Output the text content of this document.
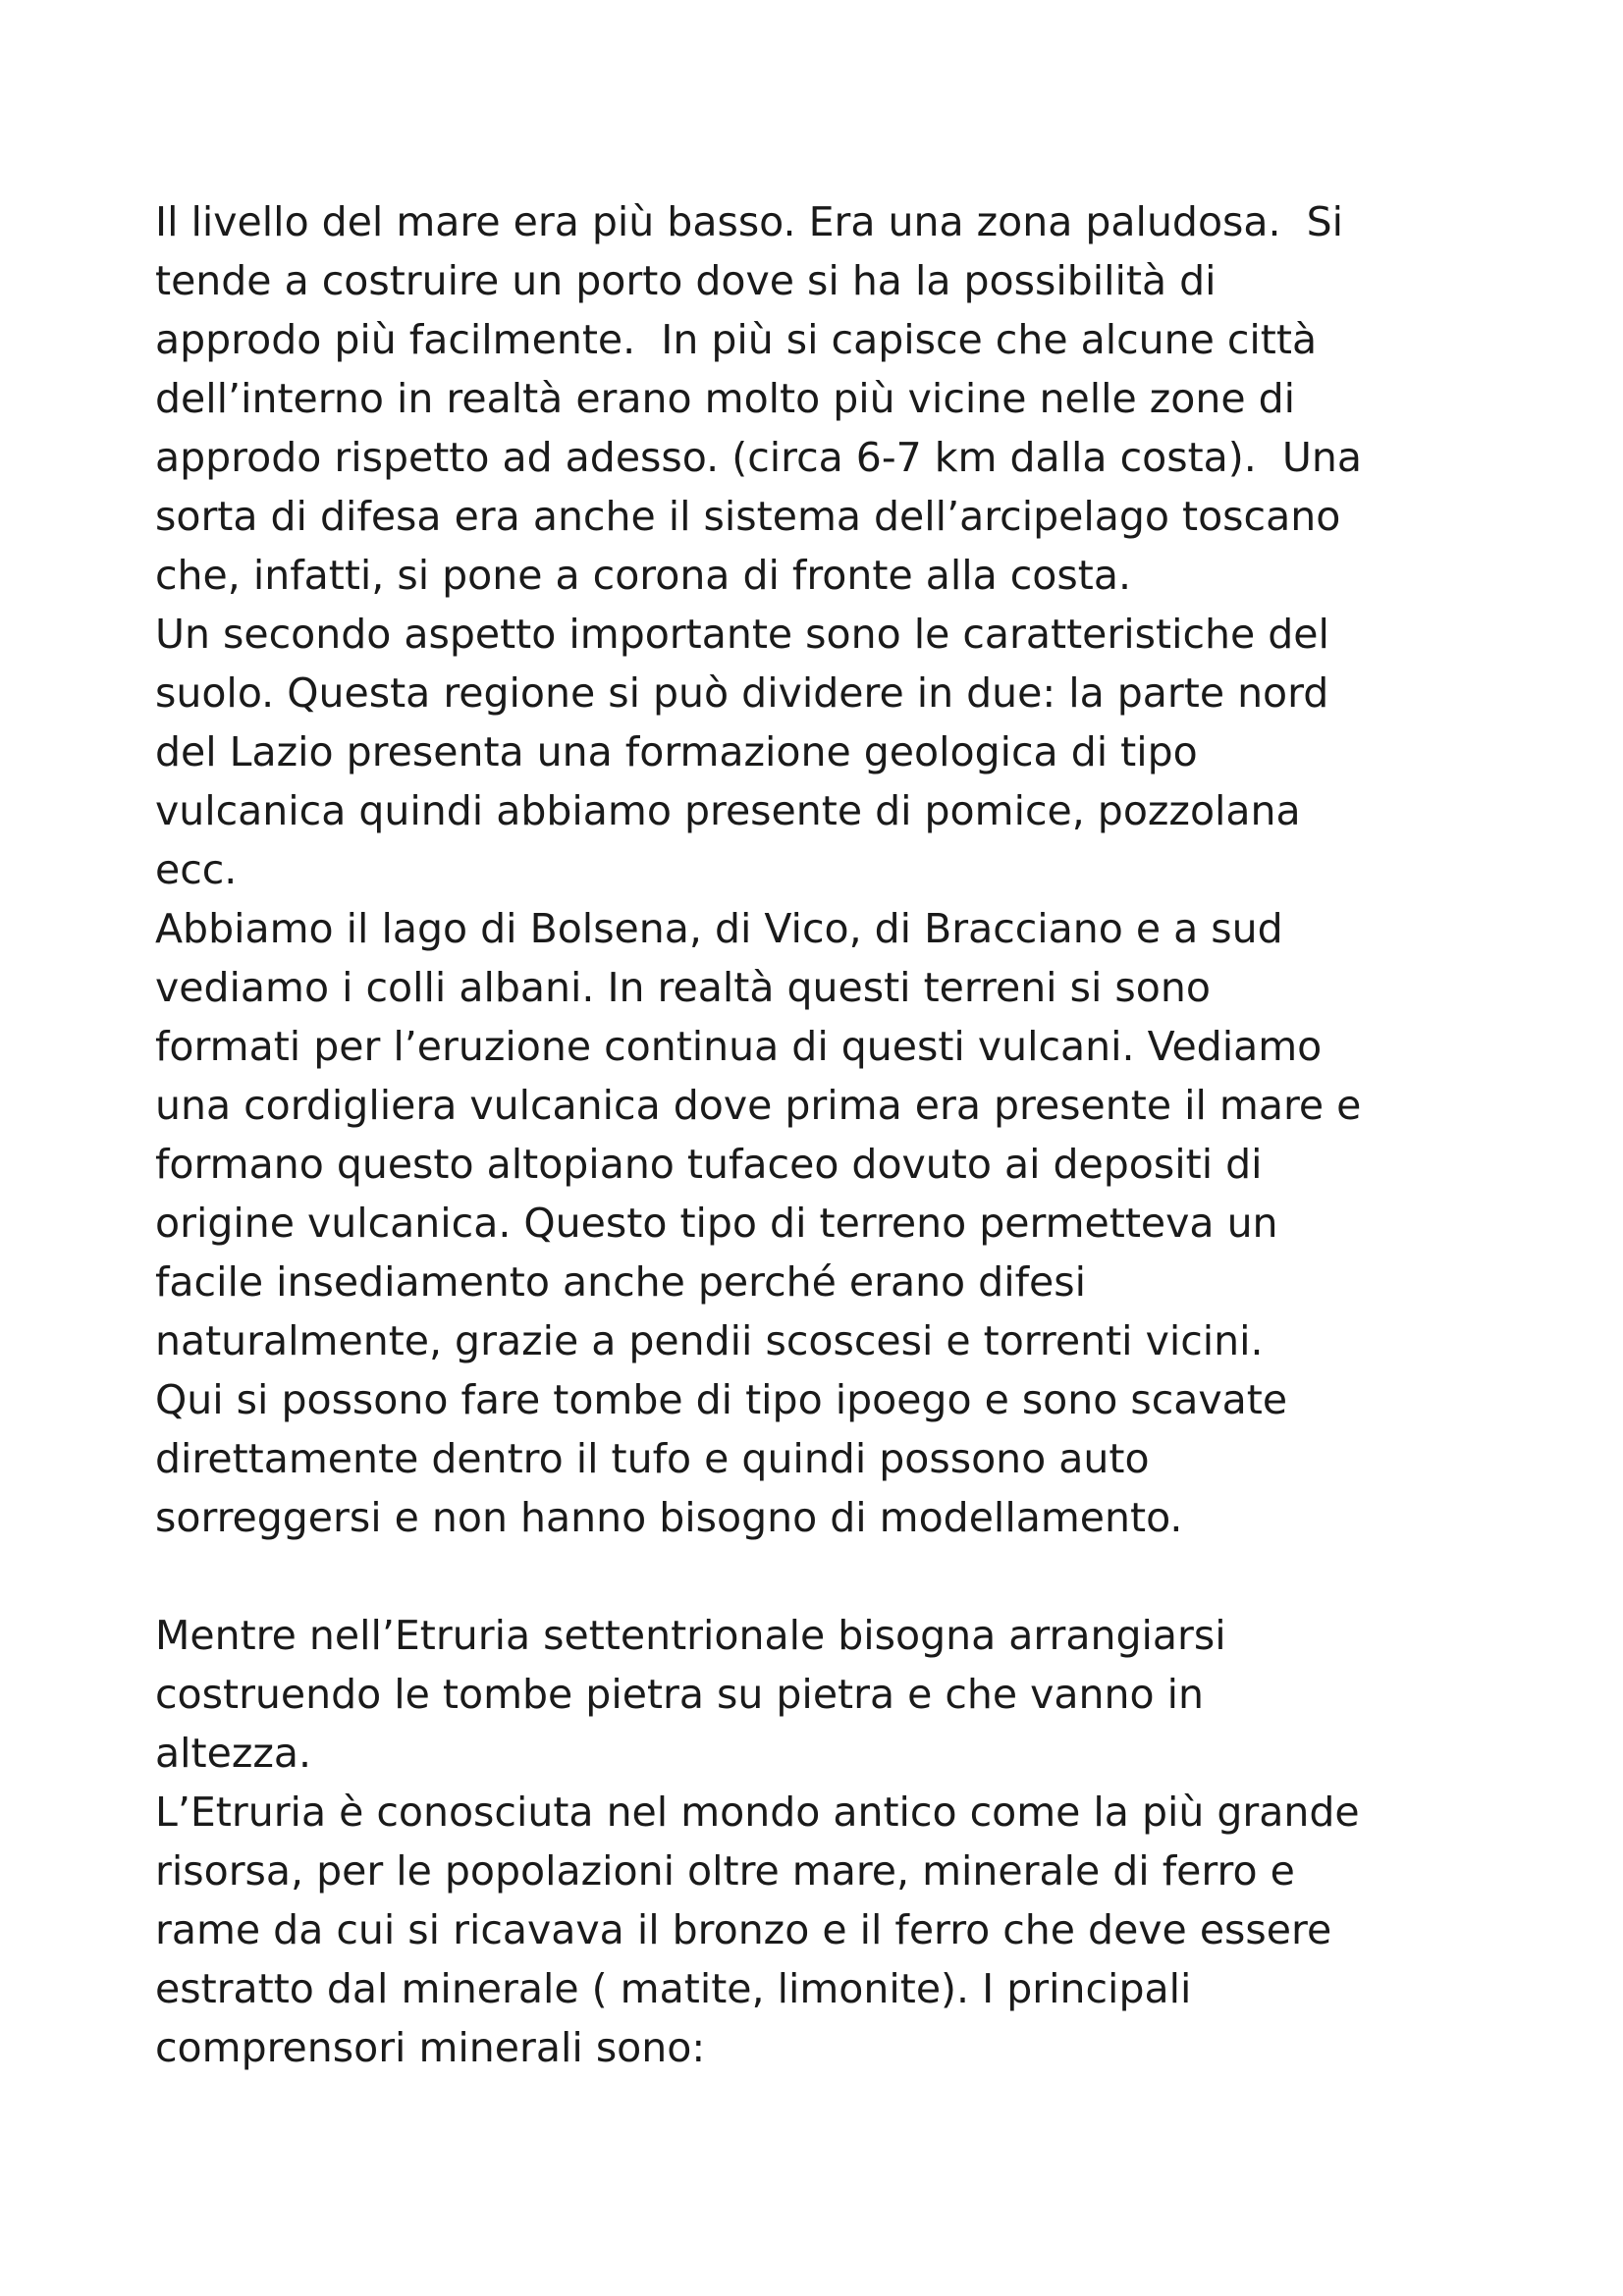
Il livello del mare era più basso. Era una zona paludosa.  Si
tende a costruire un porto dove si ha la possibilità di
approdo più facilmente.  In più si capisce che alcune città
dell’interno in realtà erano molto più vicine nelle zone di
approdo rispetto ad adesso. (circa 6-7 km dalla costa).  Una
sorta di difesa era anche il sistema dell’arcipelago toscano
che, infatti, si pone a corona di fronte alla costa.
Un secondo aspetto importante sono le caratteristiche del
suolo. Questa regione si può dividere in due: la parte nord
del Lazio presenta una formazione geologica di tipo
vulcanica quindi abbiamo presente di pomice, pozzolana
ecc.
Abbiamo il lago di Bolsena, di Vico, di Bracciano e a sud
vediamo i colli albani. In realtà questi terreni si sono
formati per l’eruzione continua di questi vulcani. Vediamo
una cordigliera vulcanica dove prima era presente il mare e
formano questo altopiano tufaceo dovuto ai depositi di
origine vulcanica. Questo tipo di terreno permetteva un
facile insediamento anche perché erano difesi
naturalmente, grazie a pendii scoscesi e torrenti vicini.
Qui si possono fare tombe di tipo ipoego e sono scavate
direttamente dentro il tufo e quindi possono auto
sorreggersi e non hanno bisogno di modellamento.
Mentre nell’Etruria settentrionale bisogna arrangiarsi
costruendo le tombe pietra su pietra e che vanno in
altezza.
L’Etruria è conosciuta nel mondo antico come la più grande
risorsa, per le popolazioni oltre mare, minerale di ferro e
rame da cui si ricavava il bronzo e il ferro che deve essere
estratto dal minerale ( matite, limonite). I principali
comprensori minerali sono:
